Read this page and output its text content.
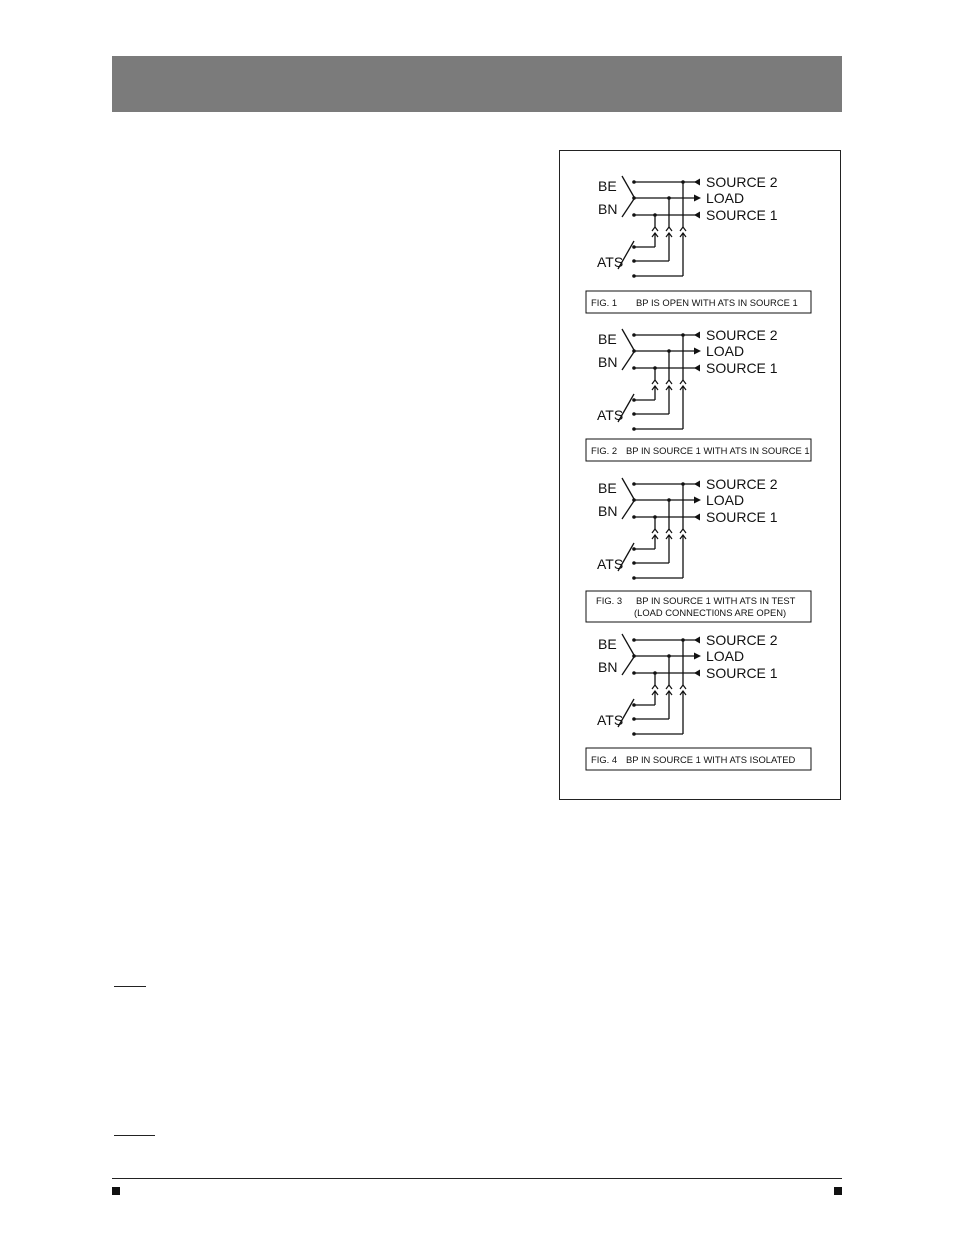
BE
BN
ATS
SOURCE 2
LOAD
SOURCE 1
FIG. 1 BP IS OPEN WITH ATS IN SOURCE 1
BE
BN
ATS
SOURCE 2
LOAD
SOURCE 1
FIG. 2 BP IN SOURCE 1 WITH ATS IN SOURCE 1
BE
BN
ATS
SOURCE 2
LOAD
SOURCE 1
FIG. 3 BP IN SOURCE 1 WITH ATS IN TEST
(LOAD CONNECTI0NS ARE OPEN)
BE
BN
ATS
SOURCE 2
LOAD
SOURCE 1
FIG. 4 BP IN SOURCE 1 WITH ATS ISOLATED
